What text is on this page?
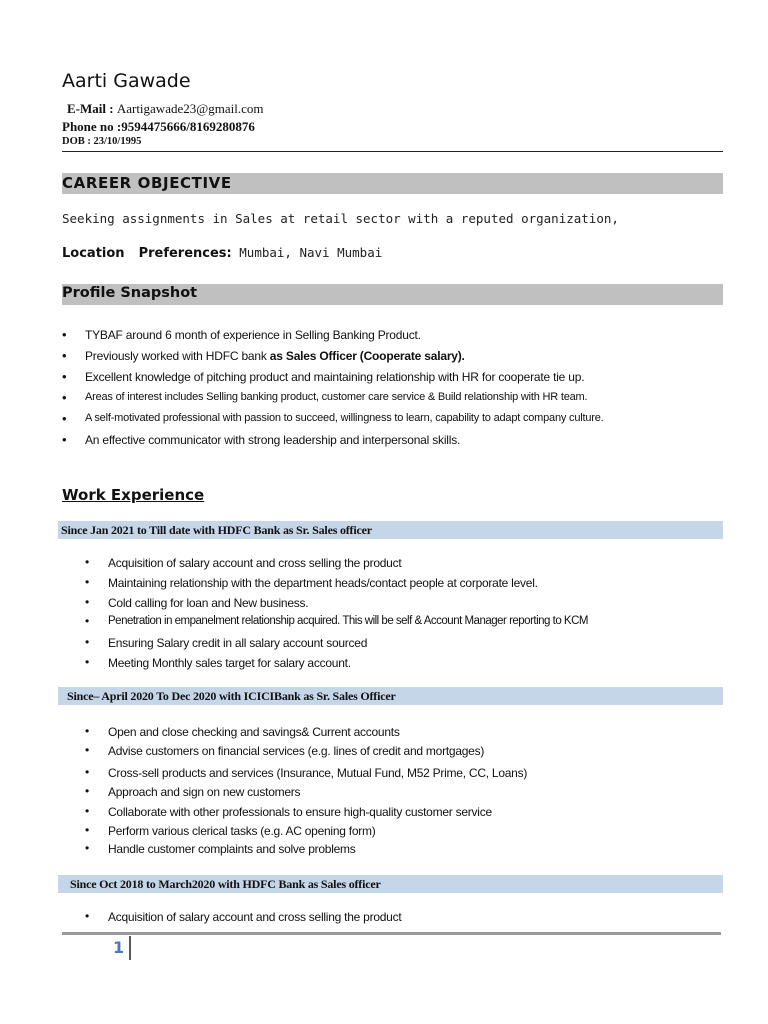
Aarti Gawade
E-Mail : Aartigawade23@gmail.com
Phone no :9594475666/8169280876
DOB : 23/10/1995
CAREER OBJECTIVE
Seeking assignments in Sales at retail sector with a reputed organization,
Location Preferences: Mumbai, Navi Mumbai
Profile Snapshot
• TYBAF around 6 month of experience in Selling Banking Product.
• Previously worked with HDFC bank as Sales Officer (Cooperate salary).
• Excellent knowledge of pitching product and maintaining relationship with HR for cooperate tie up.
• Areas of interest includes Selling banking product, customer care service & Build relationship with HR team.
• A self-motivated professional with passion to succeed, willingness to learn, capability to adapt company culture.
• An effective communicator with strong leadership and interpersonal skills.
Work Experience
Since Jan 2021 to Till date with HDFC Bank as Sr. Sales officer
• Acquisition of salary account and cross selling the product
• Maintaining relationship with the department heads/contact people at corporate level.
• Cold calling for loan and New business.
• Penetration in empanelment relationship acquired. This will be self & Account Manager reporting to KCM
• Ensuring Salary credit in all salary account sourced
• Meeting Monthly sales target for salary account.
Since– April 2020 To Dec 2020 with ICICIBank as Sr. Sales Officer
• Open and close checking and savings& Current accounts
• Advise customers on financial services (e.g. lines of credit and mortgages)
• Cross-sell products and services (Insurance, Mutual Fund, M52 Prime, CC, Loans)
• Approach and sign on new customers
• Collaborate with other professionals to ensure high-quality customer service
• Perform various clerical tasks (e.g. AC opening form)
• Handle customer complaints and solve problems
Since Oct 2018 to March2020 with HDFC Bank as Sales officer
• Acquisition of salary account and cross selling the product
1
